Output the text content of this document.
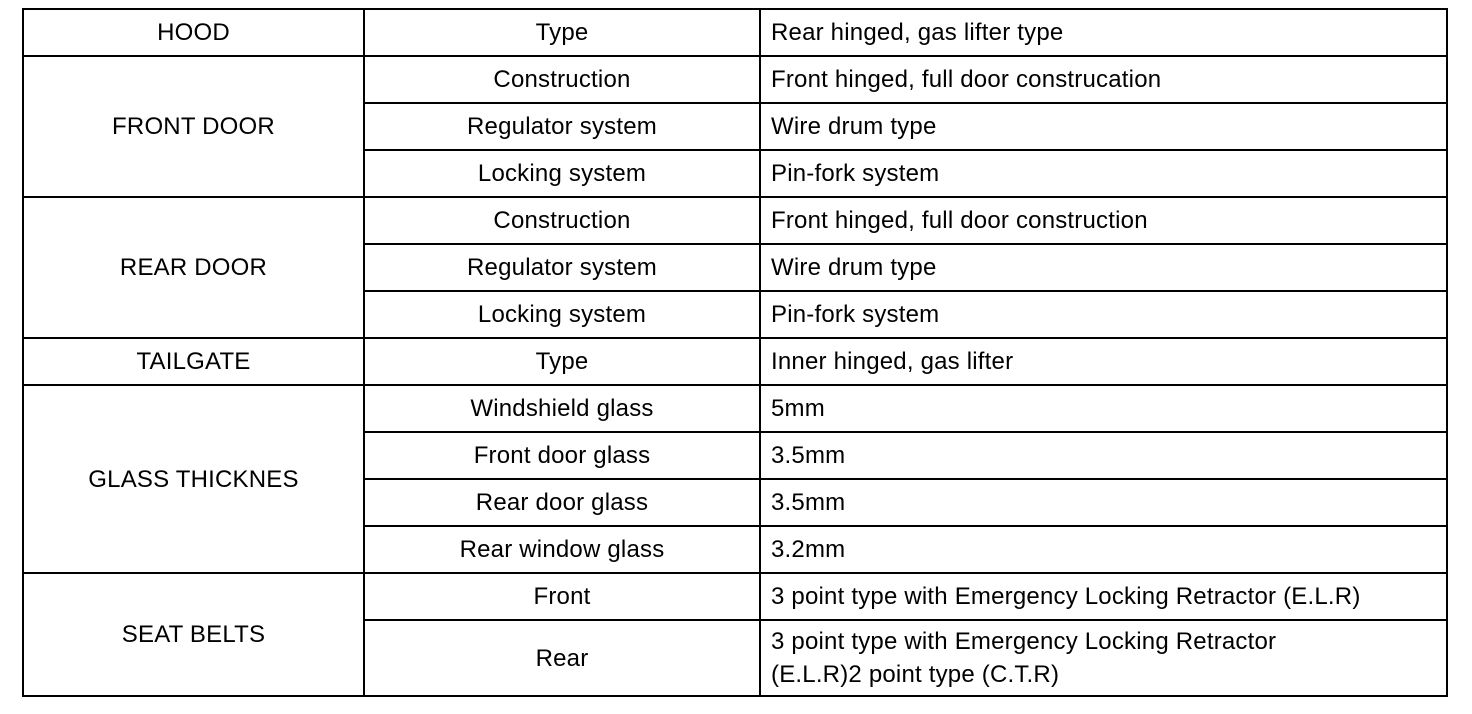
HOOD	Type	Rear hinged, gas lifter type
FRONT DOOR	Construction	Front hinged, full door construcation
	Regulator system	Wire drum type
	Locking system	Pin-fork system
REAR DOOR	Construction	Front hinged, full door construction
	Regulator system	Wire drum type
	Locking system	Pin-fork system
TAILGATE	Type	Inner hinged, gas lifter
GLASS THICKNES	Windshield glass	5mm
	Front door glass	3.5mm
	Rear door glass	3.5mm
	Rear window glass	3.2mm
SEAT BELTS	Front	3 point type with Emergency Locking Retractor (E.L.R)
	Rear	3 point type with Emergency Locking Retractor
(E.L.R)2 point type (C.T.R)
